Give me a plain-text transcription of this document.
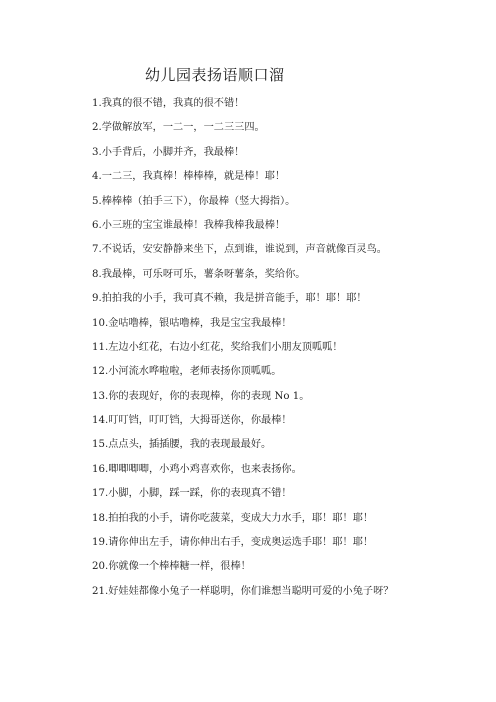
幼儿园表扬语顺口溜
1.我真的很不错，我真的很不错！
2.学做解放军，一二一，一二三三四。
3.小手背后，小脚并齐，我最棒！
4.一二三，我真棒！棒棒棒，就是棒！耶！
5.棒棒棒（拍手三下），你最棒（竖大拇指）。
6.小三班的宝宝谁最棒！我棒我棒我最棒！
7.不说话，安安静静来坐下，点到谁，谁说到，声音就像百灵鸟。
8.我最棒，可乐呀可乐，薯条呀薯条，奖给你。
9.拍拍我的小手，我可真不赖，我是拼音能手，耶！耶！耶！
10.金咕噜棒，银咕噜棒，我是宝宝我最棒！
11.左边小红花，右边小红花，奖给我们小朋友顶呱呱！
12.小河流水哗啦啦，老师表扬你顶呱呱。
13.你的表现好，你的表现棒，你的表现 No 1。
14.叮叮铛，叮叮铛，大拇哥送你，你最棒！
15.点点头，插插腰，我的表现最最好。
16.唧唧唧唧，小鸡小鸡喜欢你，也来表扬你。
17.小脚，小脚，踩一踩，你的表现真不错！
18.拍拍我的小手，请你吃菠菜，变成大力水手，耶！耶！耶！
19.请你伸出左手，请你伸出右手，变成奥运选手耶！耶！耶！
20.你就像一个棒棒糖一样，很棒！
21.好娃娃都像小兔子一样聪明，你们谁想当聪明可爱的小兔子呀？
